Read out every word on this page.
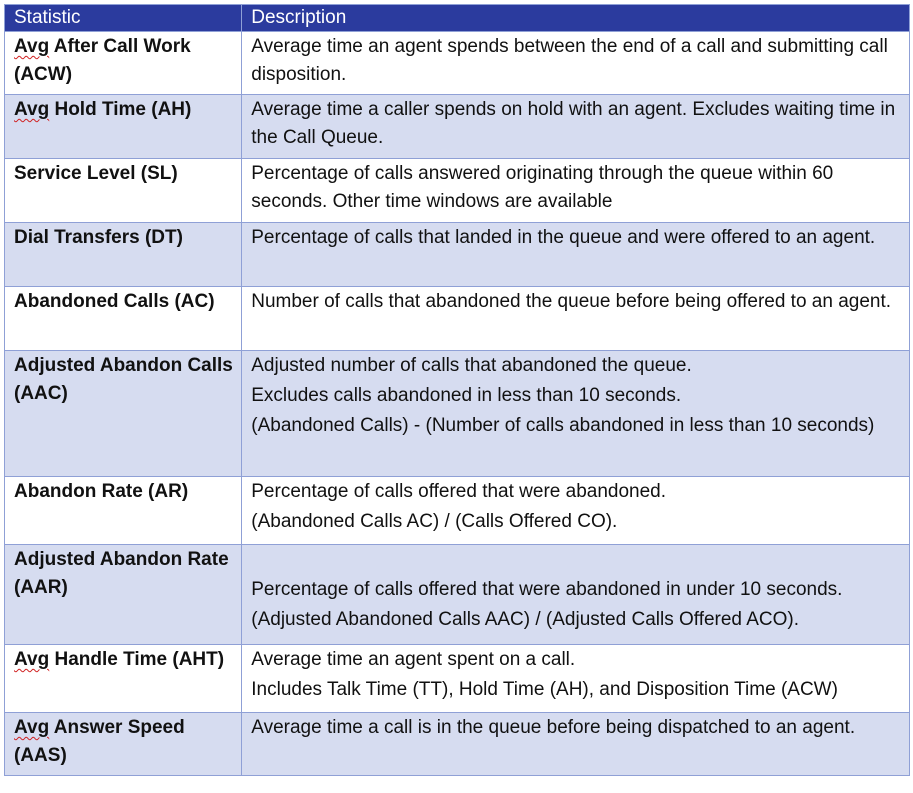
Statistic	Description
Avg After Call Work (ACW)	Average time an agent spends between the end of a call and submitting call disposition.

Avg Hold Time (AH)	Average time a caller spends on hold with an agent. Excludes waiting time in the Call Queue.

Service Level (SL)	Percentage of calls answered originating through the queue within 60 seconds. Other time windows are available

Dial Transfers (DT)	Percentage of calls that landed in the queue and were offered to an agent.

Abandoned Calls (AC)	Number of calls that abandoned the queue before being offered to an agent.

Adjusted Abandon Calls (AAC)	Adjusted number of calls that abandoned the queue.
Excludes calls abandoned in less than 10 seconds.
(Abandoned Calls) - (Number of calls abandoned in less than 10 seconds)

Abandon Rate (AR)	Percentage of calls offered that were abandoned.
(Abandoned Calls AC) / (Calls Offered CO).

Adjusted Abandon Rate (AAR)	Percentage of calls offered that were abandoned in under 10 seconds.
(Adjusted Abandoned Calls AAC) / (Adjusted Calls Offered ACO).

Avg Handle Time (AHT)	Average time an agent spent on a call.
Includes Talk Time (TT), Hold Time (AH), and Disposition Time (ACW)

Avg Answer Speed (AAS)	Average time a call is in the queue before being dispatched to an agent.
